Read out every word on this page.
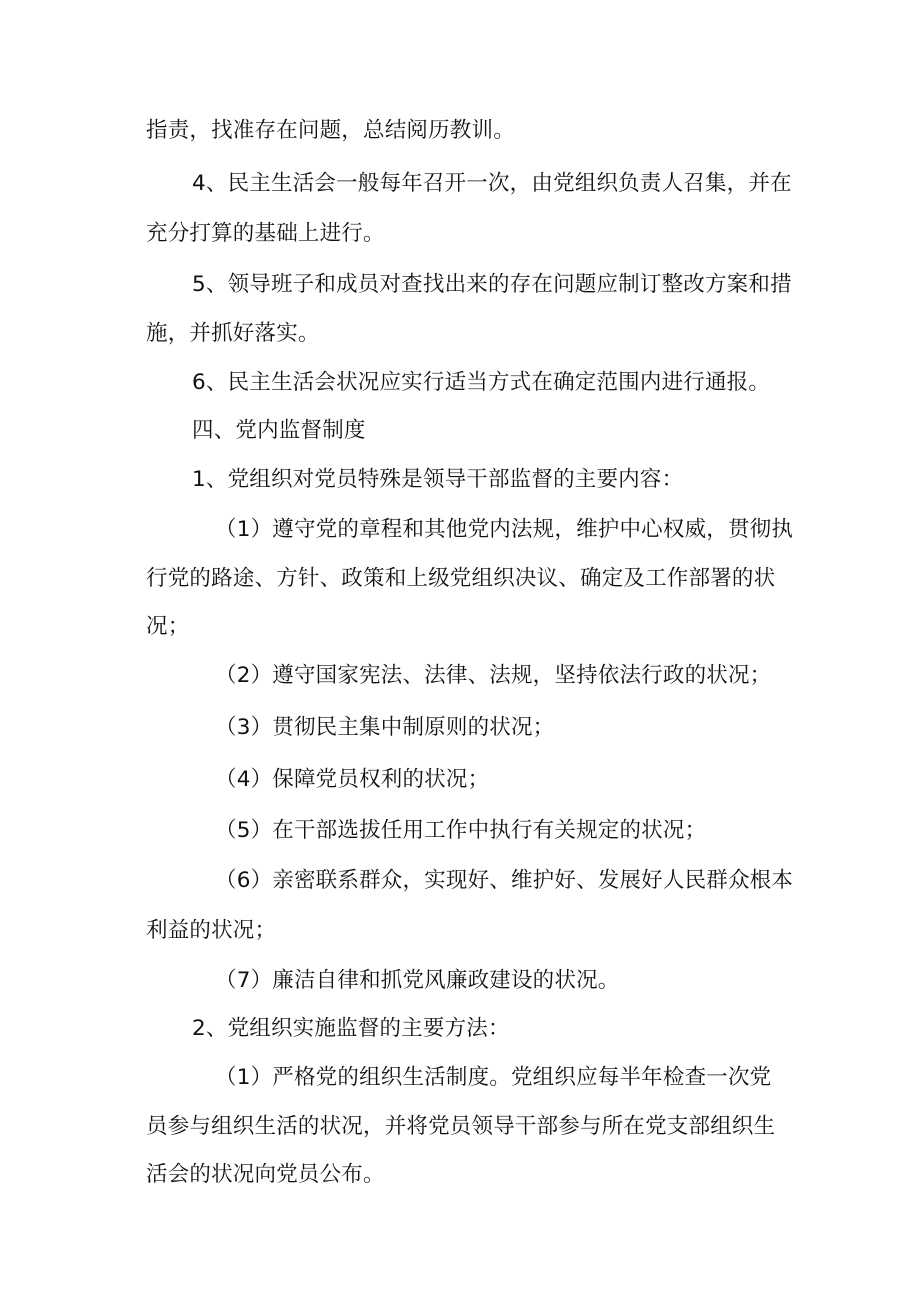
指责，找准存在问题，总结阅历教训。
4、民主生活会一般每年召开一次，由党组织负责人召集，并在
充分打算的基础上进行。
5、领导班子和成员对查找出来的存在问题应制订整改方案和措
施，并抓好落实。
6、民主生活会状况应实行适当方式在确定范围内进行通报。
四、党内监督制度
1、党组织对党员特殊是领导干部监督的主要内容：
（1）遵守党的章程和其他党内法规，维护中心权威，贯彻执
行党的路途、方针、政策和上级党组织决议、确定及工作部署的状
况；
（2）遵守国家宪法、法律、法规，坚持依法行政的状况；
（3）贯彻民主集中制原则的状况；
（4）保障党员权利的状况；
（5）在干部选拔任用工作中执行有关规定的状况；
（6）亲密联系群众，实现好、维护好、发展好人民群众根本
利益的状况；
（7）廉洁自律和抓党风廉政建设的状况。
2、党组织实施监督的主要方法：
（1）严格党的组织生活制度。党组织应每半年检查一次党
员参与组织生活的状况，并将党员领导干部参与所在党支部组织生
活会的状况向党员公布。
